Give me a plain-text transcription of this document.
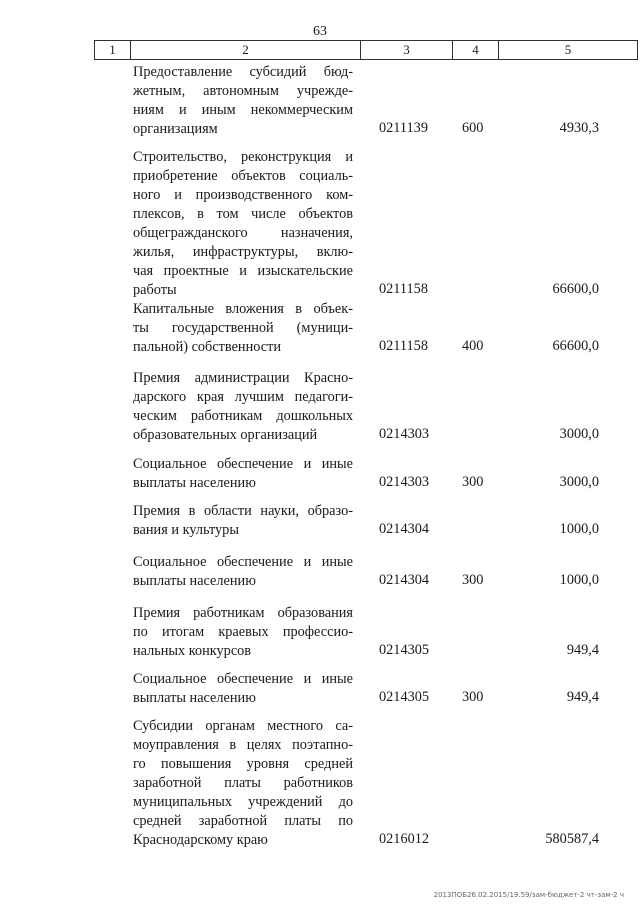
63
1	2	3	4	5
Предоставление субсидий бюд-
жетным, автономным учрежде-
ниям и иным некоммерческим
организациям	0211139 600	4930,3
Строительство, реконструкция и
приобретение объектов социаль-
ного и производственного ком-
плексов, в том числе объектов
общегражданского назначения,
жилья, инфраструктуры, вклю-
чая проектные и изыскательские
работы	0211158	66600,0
Капитальные вложения в объек-
ты государственной (муници-
пальной) собственности	0211158 400	66600,0
Премия администрации Красно-
дарского края лучшим педагоги-
ческим работникам дошкольных
образовательных организаций	0214303	3000,0
Социальное обеспечение и иные
выплаты населению	0214303 300	3000,0
Премия в области науки, образо-
вания и культуры	0214304	1000,0
Социальное обеспечение и иные
выплаты населению	0214304 300	1000,0
Премия работникам образования
по итогам краевых профессио-
нальных конкурсов	0214305	949,4
Социальное обеспечение и иные
выплаты населению	0214305 300	949,4
Субсидии органам местного са-
моуправления в целях поэтапно-
го повышения уровня средней
заработной платы работников
муниципальных учреждений до
средней заработной платы по
Краснодарскому краю	0216012	580587,4
2013ПОБ26.02.2015/19.59/зам-бюджет-2 чт-зам-2 ч
